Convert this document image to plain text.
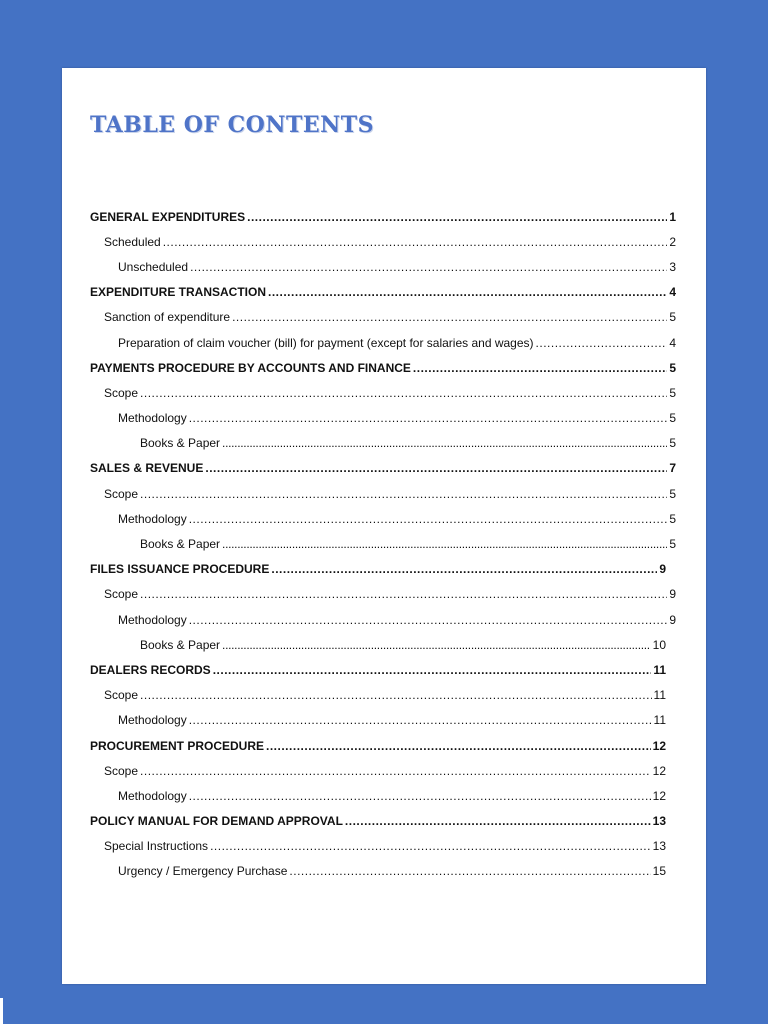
TABLE OF CONTENTS
GENERAL EXPENDITURES .....	1
Scheduled .....	2
Unscheduled .....	3
EXPENDITURE TRANSACTION .....	4
Sanction of expenditure .....	5
Preparation of claim voucher (bill) for payment (except for salaries and wages) .....	4
PAYMENTS PROCEDURE BY ACCOUNTS AND FINANCE .....	5
Scope .....	5
Methodology .....	5
Books & Paper .....	5
SALES & REVENUE .....	7
Scope .....	5
Methodology .....	5
Books & Paper .....	5
FILES ISSUANCE PROCEDURE .....	9
Scope .....	9
Methodology .....	9
Books & Paper .....	10
DEALERS RECORDS .....	11
Scope .....	11
Methodology .....	11
PROCUREMENT PROCEDURE .....	12
Scope .....	12
Methodology .....	12
POLICY MANUAL FOR DEMAND APPROVAL .....	13
Special Instructions .....	13
Urgency / Emergency Purchase .....	15
